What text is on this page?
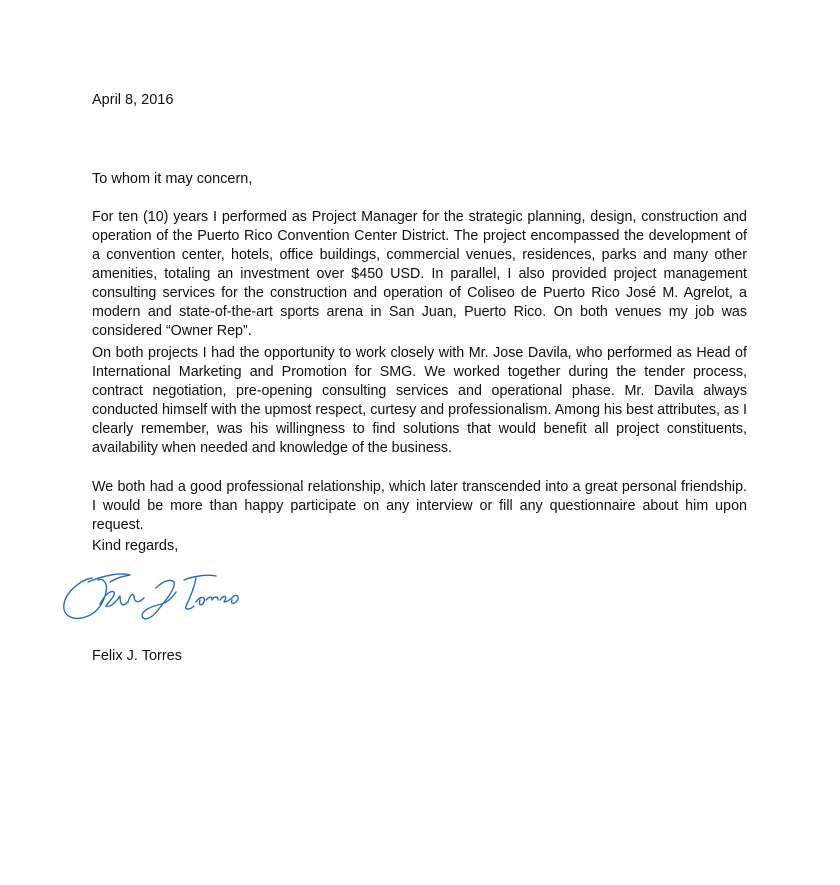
April 8, 2016

To whom it may concern,

For ten (10) years I performed as Project Manager for the strategic planning, design, construction and operation of the Puerto Rico Convention Center District. The project encompassed the development of a convention center, hotels, office buildings, commercial venues, residences, parks and many other amenities, totaling an investment over $450 USD. In parallel, I also provided project management consulting services for the construction and operation of Coliseo de Puerto Rico José M. Agrelot, a modern and state-of-the-art sports arena in San Juan, Puerto Rico. On both venues my job was considered “Owner Rep”.

On both projects I had the opportunity to work closely with Mr. Jose Davila, who performed as Head of International Marketing and Promotion for SMG. We worked together during the tender process, contract negotiation, pre-opening consulting services and operational phase. Mr. Davila always conducted himself with the upmost respect, curtesy and professionalism. Among his best attributes, as I clearly remember, was his willingness to find solutions that would benefit all project constituents, availability when needed and knowledge of the business.

We both had a good professional relationship, which later transcended into a great personal friendship. I would be more than happy participate on any interview or fill any questionnaire about him upon request.

Kind regards,

Felix J. Torres
